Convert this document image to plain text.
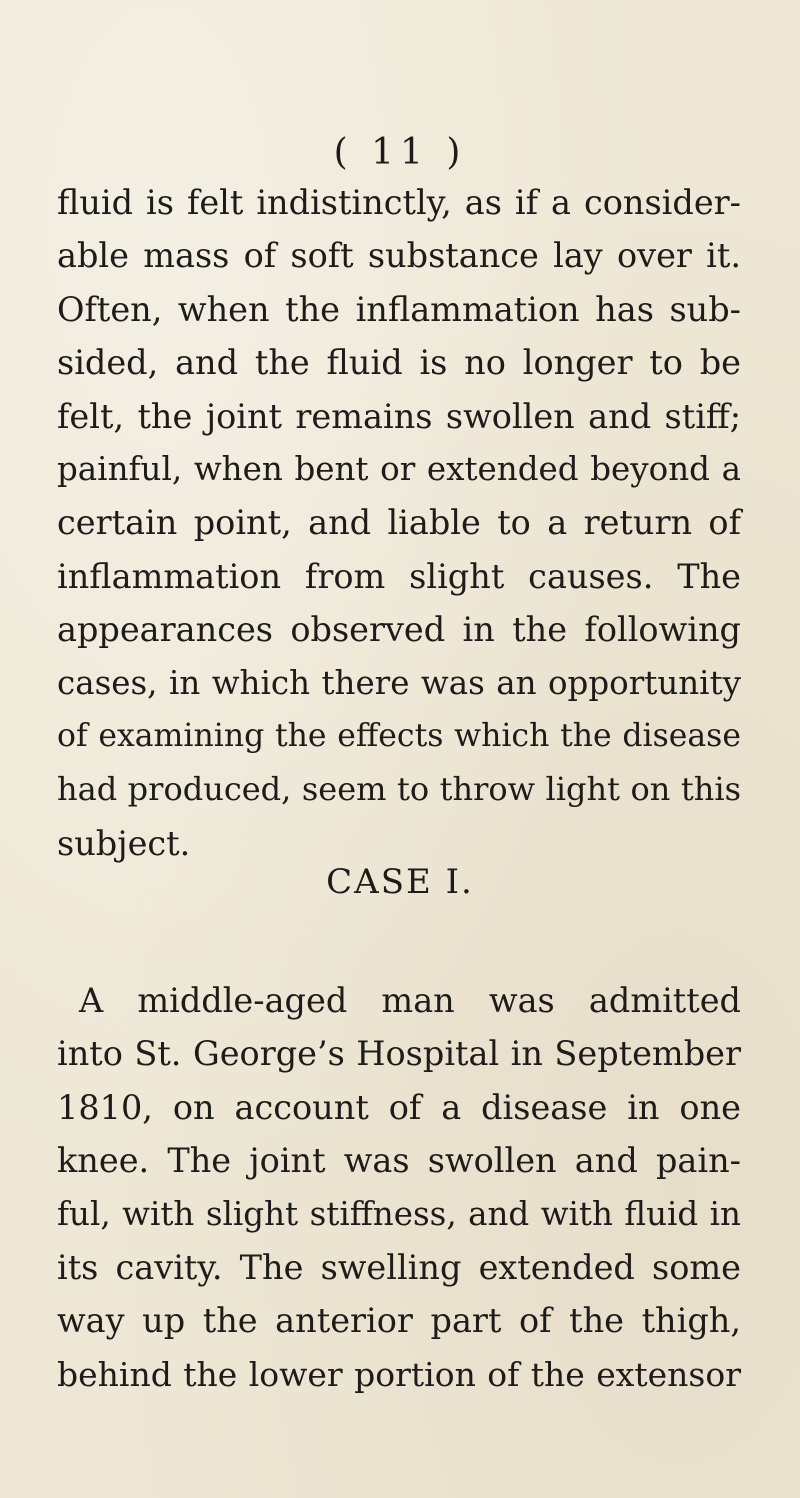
( 11 )
fluid is felt indistinctly, as if a consider-
able mass of soft substance lay over it.
Often, when the inflammation has sub-
sided, and the fluid is no longer to be
felt, the joint remains swollen and stiff;
painful, when bent or extended beyond a
certain point, and liable to a return of
inflammation from slight causes. The
appearances observed in the following
cases, in which there was an opportunity
of examining the effects which the disease
had produced, seem to throw light on this
subject.
CASE I.
A middle-aged man was admitted
into St. George’s Hospital in September
1810, on account of a disease in one
knee. The joint was swollen and pain-
ful, with slight stiffness, and with fluid in
its cavity. The swelling extended some
way up the anterior part of the thigh,
behind the lower portion of the extensor
